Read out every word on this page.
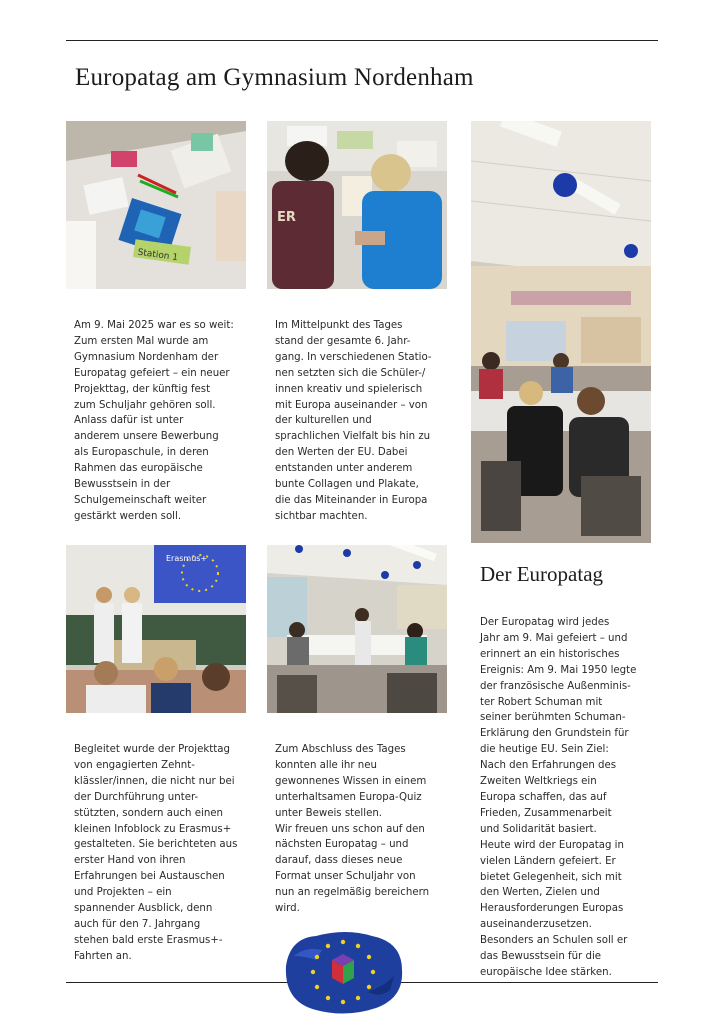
Europatag am Gymnasium Nordenham
Station 1
ER

Am 9. Mai 2025 war es so weit:
Zum ersten Mal wurde am
Gymnasium Nordenham der
Europatag gefeiert – ein neuer
Projekttag, der künftig fest
zum Schuljahr gehören soll.
Anlass dafür ist unter
anderem unsere Bewerbung
als Europaschule, in deren
Rahmen das europäische
Bewusstsein in der
Schulgemeinschaft weiter
gestärkt werden soll.

Im Mittelpunkt des Tages
stand der gesamte 6. Jahr-
gang. In verschiedenen Statio-
nen setzten sich die Schüler-/
innen kreativ und spielerisch
mit Europa auseinander – von
der kulturellen und
sprachlichen Vielfalt bis hin zu
den Werten der EU. Dabei
entstanden unter anderem
bunte Collagen und Plakate,
die das Miteinander in Europa
sichtbar machten.

Erasmus+
Der Europatag

Begleitet wurde der Projekttag
von engagierten Zehnt-
klässler/innen, die nicht nur bei
der Durchführung unter-
stützten, sondern auch einen
kleinen Infoblock zu Erasmus+
gestalteten. Sie berichteten aus
erster Hand von ihren
Erfahrungen bei Austauschen
und Projekten – ein
spannender Ausblick, denn
auch für den 7. Jahrgang
stehen bald erste Erasmus+-
Fahrten an.

Zum Abschluss des Tages
konnten alle ihr neu
gewonnenes Wissen in einem
unterhaltsamen Europa-Quiz
unter Beweis stellen.
Wir freuen uns schon auf den
nächsten Europatag – und
darauf, dass dieses neue
Format unser Schuljahr von
nun an regelmäßig bereichern
wird.

Der Europatag wird jedes
Jahr am 9. Mai gefeiert – und
erinnert an ein historisches
Ereignis: Am 9. Mai 1950 legte
der französische Außenminis-
ter Robert Schuman mit
seiner berühmten Schuman-
Erklärung den Grundstein für
die heutige EU. Sein Ziel:
Nach den Erfahrungen des
Zweiten Weltkriegs ein
Europa schaffen, das auf
Frieden, Zusammenarbeit
und Solidarität basiert.
Heute wird der Europatag in
vielen Ländern gefeiert. Er
bietet Gelegenheit, sich mit
den Werten, Zielen und
Herausforderungen Europas
auseinanderzusetzen.
Besonders an Schulen soll er
das Bewusstsein für die
europäische Idee stärken.
